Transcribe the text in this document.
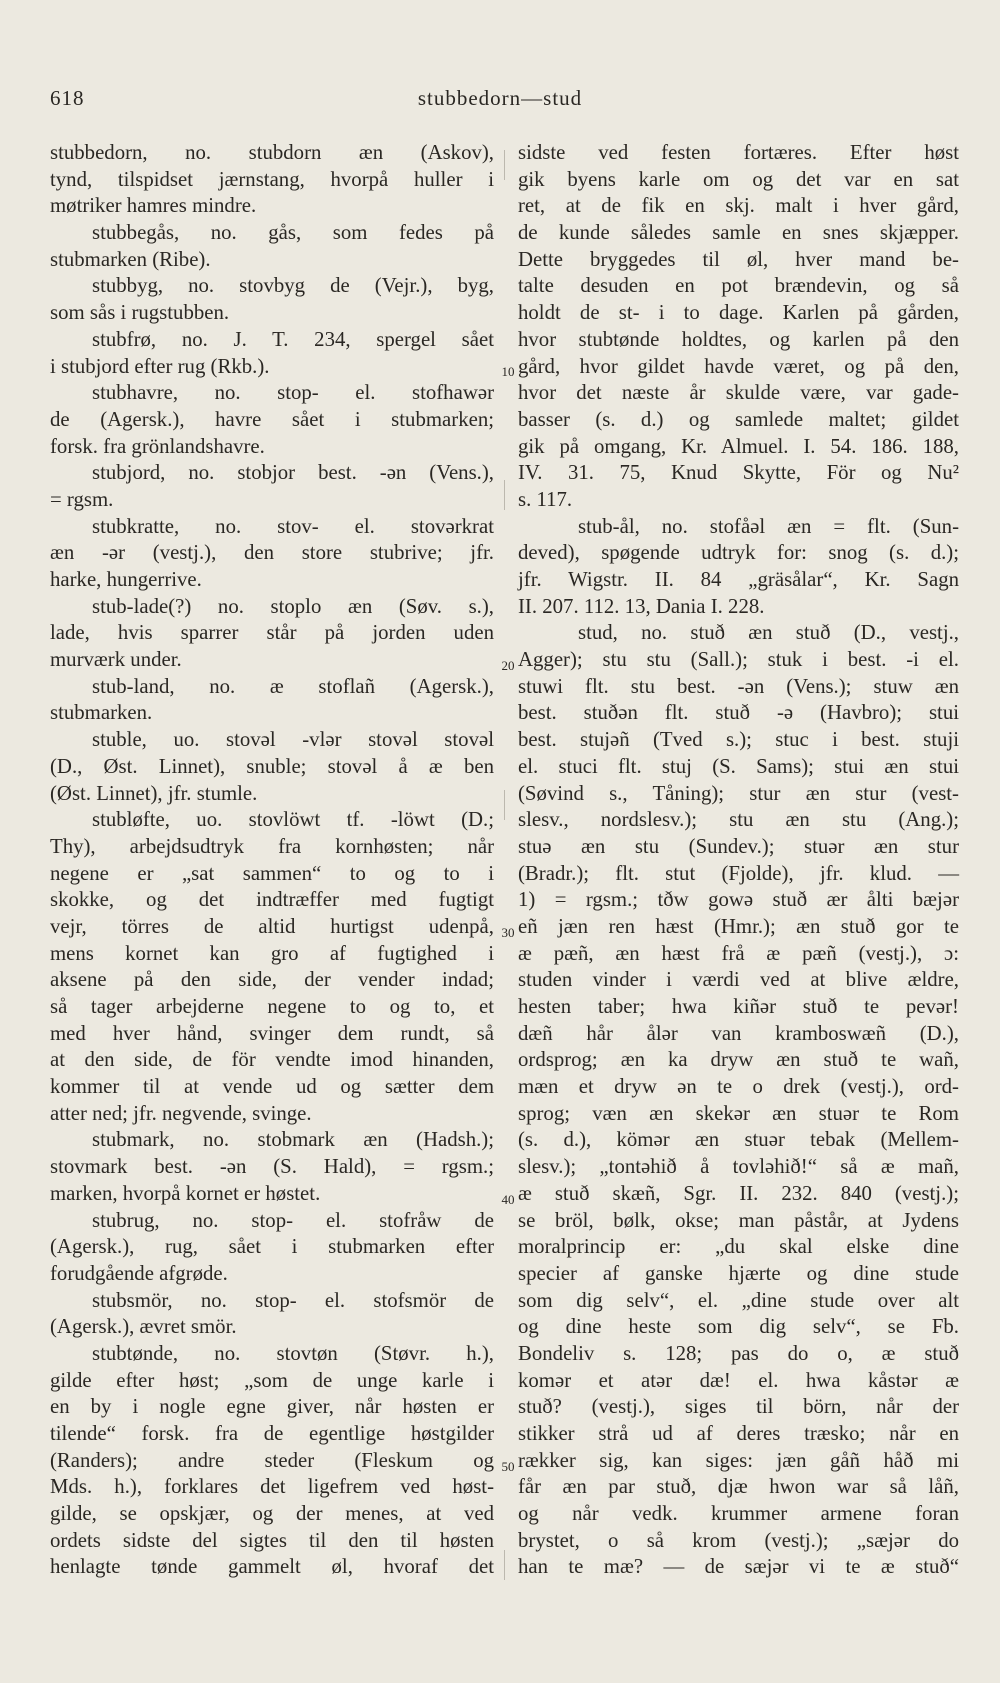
618	stubbedorn—stud
10
20
30
40
50
stubbedorn, no. stubdorn æn (Askov),
tynd, tilspidset jærnstang, hvorpå huller i
møtriker hamres mindre.
stubbegås, no. gås, som fedes på
stubmarken (Ribe).
stubbyg, no. stovbyg de (Vejr.), byg,
som sås i rugstubben.
stubfrø, no. J. T. 234, spergel sået
i stubjord efter rug (Rkb.).
stubhavre, no. stop- el. stofhawər
de (Agersk.), havre sået i stubmarken;
forsk. fra grönlandshavre.
stubjord, no. stobjor best. -ən (Vens.),
= rgsm.
stubkratte, no. stov- el. stovərkrat
æn -ər (vestj.), den store stubrive; jfr.
harke, hungerrive.
stub-lade(?) no. stoplo æn (Søv. s.),
lade, hvis sparrer står på jorden uden
murværk under.
stub-land, no. æ stoflañ (Agersk.),
stubmarken.
stuble, uo. stovəl -vlər stovəl stovəl
(D., Øst. Linnet), snuble; stovəl å æ ben
(Øst. Linnet), jfr. stumle.
stubløfte, uo. stovlöwt tf. -löwt (D.;
Thy), arbejdsudtryk fra kornhøsten; når
negene er „sat sammen“ to og to i
skokke, og det indtræffer med fugtigt
vejr, törres de altid hurtigst udenpå,
mens kornet kan gro af fugtighed i
aksene på den side, der vender indad;
så tager arbejderne negene to og to, et
med hver hånd, svinger dem rundt, så
at den side, de för vendte imod hinanden,
kommer til at vende ud og sætter dem
atter ned; jfr. negvende, svinge.
stubmark, no. stobmark æn (Hadsh.);
stovmark best. -ən (S. Hald), = rgsm.;
marken, hvorpå kornet er høstet.
stubrug, no. stop- el. stofråw de
(Agersk.), rug, sået i stubmarken efter
forudgående afgrøde.
stubsmör, no. stop- el. stofsmör de
(Agersk.), ævret smör.
stubtønde, no. stovtøn (Støvr. h.),
gilde efter høst; „som de unge karle i
en by i nogle egne giver, når høsten er
tilende“ forsk. fra de egentlige høstgilder
(Randers); andre steder (Fleskum og
Mds. h.), forklares det ligefrem ved høst-
gilde, se opskjær, og der menes, at ved
ordets sidste del sigtes til den til høsten
henlagte tønde gammelt øl, hvoraf det
sidste ved festen fortæres. Efter høst
gik byens karle om og det var en sat
ret, at de fik en skj. malt i hver gård,
de kunde således samle en snes skjæpper.
Dette bryggedes til øl, hver mand be-
talte desuden en pot brændevin, og så
holdt de st- i to dage. Karlen på gården,
hvor stubtønde holdtes, og karlen på den
gård, hvor gildet havde været, og på den,
hvor det næste år skulde være, var gade-
basser (s. d.) og samlede maltet; gildet
gik på omgang, Kr. Almuel. I. 54. 186. 188,
IV. 31. 75, Knud Skytte, För og Nu²
s. 117.
stub-ål, no. stofåəl æn = flt. (Sun-
deved), spøgende udtryk for: snog (s. d.);
jfr. Wigstr. II. 84 „gräsålar“, Kr. Sagn
II. 207. 112. 13, Dania I. 228.
stud, no. stuð æn stuð (D., vestj.,
Agger); stu stu (Sall.); stuk i best. -i el.
stuwi flt. stu best. -ən (Vens.); stuw æn
best. stuðən flt. stuð -ə (Havbro); stui
best. stujəñ (Tved s.); stuc i best. stuji
el. stuci flt. stuj (S. Sams); stui æn stui
(Søvind s., Tåning); stur æn stur (vest-
slesv., nordslesv.); stu æn stu (Ang.);
stuə æn stu (Sundev.); stuər æn stur
(Bradr.); flt. stut (Fjolde), jfr. klud. —
1) = rgsm.; tðw gowə stuð ær ålti bæjər
eñ jæn ren hæst (Hmr.); æn stuð gor te
æ pæñ, æn hæst frå æ pæñ (vestj.), ɔ:
studen vinder i værdi ved at blive ældre,
hesten taber; hwa kiñər stuð te pevər!
dæñ hår ålər van kramboswæñ (D.),
ordsprog; æn ka dryw æn stuð te wañ,
mæn et dryw ən te o drek (vestj.), ord-
sprog; væn æn skekər æn stuər te Rom
(s. d.), kömər æn stuər tebak (Mellem-
slesv.); „tontəhið å tovləhið!“ så æ mañ,
æ stuð skæñ, Sgr. II. 232. 840 (vestj.);
se bröl, bølk, okse; man påstår, at Jydens
moralprincip er: „du skal elske dine
specier af ganske hjærte og dine stude
som dig selv“, el. „dine stude over alt
og dine heste som dig selv“, se Fb.
Bondeliv s. 128; pas do o, æ stuð
komər et atər dæ! el. hwa kåstər æ
stuð? (vestj.), siges til börn, når der
stikker strå ud af deres træsko; når en
rækker sig, kan siges: jæn gåñ håð mi
får æn par stuð, djæ hwon war så låñ,
og når vedk. krummer armene foran
brystet, o så krom (vestj.); „sæjər do
han te mæ? — de sæjər vi te æ stuð“
